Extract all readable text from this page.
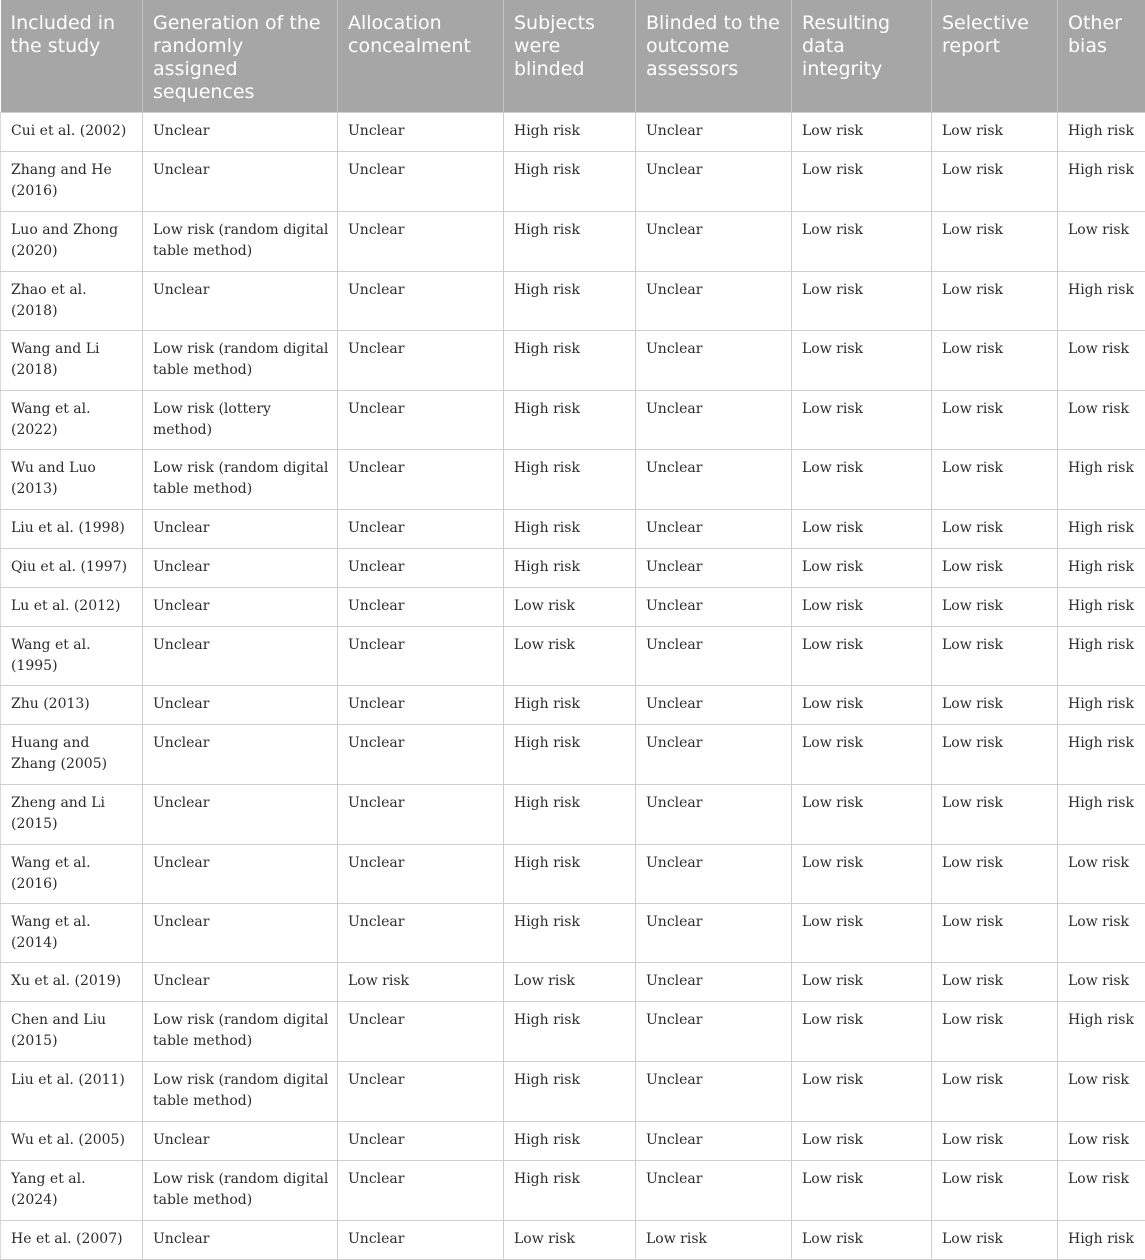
Included in the study	Generation of the randomly assigned sequences	Allocation concealment	Subjects were blinded	Blinded to the outcome assessors	Resulting data integrity	Selective report	Other bias
Cui et al. (2002)	Unclear	Unclear	High risk	Unclear	Low risk	Low risk	High risk
Zhang and He (2016)	Unclear	Unclear	High risk	Unclear	Low risk	Low risk	High risk
Luo and Zhong (2020)	Low risk (random digital table method)	Unclear	High risk	Unclear	Low risk	Low risk	Low risk
Zhao et al. (2018)	Unclear	Unclear	High risk	Unclear	Low risk	Low risk	High risk
Wang and Li (2018)	Low risk (random digital table method)	Unclear	High risk	Unclear	Low risk	Low risk	Low risk
Wang et al. (2022)	Low risk (lottery method)	Unclear	High risk	Unclear	Low risk	Low risk	Low risk
Wu and Luo (2013)	Low risk (random digital table method)	Unclear	High risk	Unclear	Low risk	Low risk	High risk
Liu et al. (1998)	Unclear	Unclear	High risk	Unclear	Low risk	Low risk	High risk
Qiu et al. (1997)	Unclear	Unclear	High risk	Unclear	Low risk	Low risk	High risk
Lu et al. (2012)	Unclear	Unclear	Low risk	Unclear	Low risk	Low risk	High risk
Wang et al. (1995)	Unclear	Unclear	Low risk	Unclear	Low risk	Low risk	High risk
Zhu (2013)	Unclear	Unclear	High risk	Unclear	Low risk	Low risk	High risk
Huang and Zhang (2005)	Unclear	Unclear	High risk	Unclear	Low risk	Low risk	High risk
Zheng and Li (2015)	Unclear	Unclear	High risk	Unclear	Low risk	Low risk	High risk
Wang et al. (2016)	Unclear	Unclear	High risk	Unclear	Low risk	Low risk	Low risk
Wang et al. (2014)	Unclear	Unclear	High risk	Unclear	Low risk	Low risk	Low risk
Xu et al. (2019)	Unclear	Low risk	Low risk	Unclear	Low risk	Low risk	Low risk
Chen and Liu (2015)	Low risk (random digital table method)	Unclear	High risk	Unclear	Low risk	Low risk	High risk
Liu et al. (2011)	Low risk (random digital table method)	Unclear	High risk	Unclear	Low risk	Low risk	Low risk
Wu et al. (2005)	Unclear	Unclear	High risk	Unclear	Low risk	Low risk	Low risk
Yang et al. (2024)	Low risk (random digital table method)	Unclear	High risk	Unclear	Low risk	Low risk	Low risk
He et al. (2007)	Unclear	Unclear	Low risk	Low risk	Low risk	Low risk	High risk
